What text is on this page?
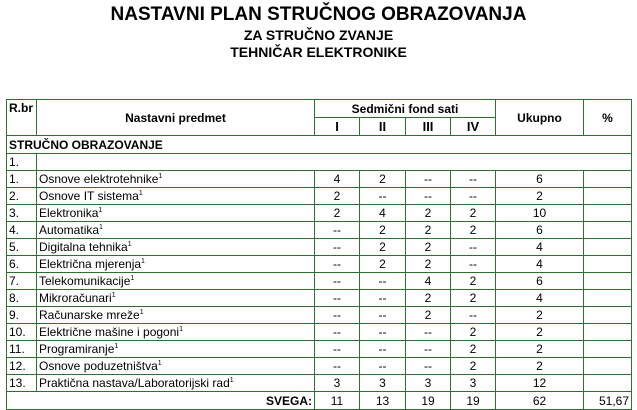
NASTAVNI PLAN STRUČNOG OBRAZOVANJA
ZA STRUČNO ZVANJE
TEHNIČAR ELEKTRONIKE
R.br	Nastavni predmet	Sedmični fond sati				Ukupno	%
		I	II	III	IV		
STRUČNO OBRAZOVANJE							
1.							
1.	Osnove elektrotehnike$^1$	4	2	--	--	6	
2.	Osnove IT sistema$^1$	2	--	--	--	2	
3.	Elektronika$^1$	2	4	2	2	10	
4.	Automatika$^1$	--	2	2	2	6	
5.	Digitalna tehnika$^1$	--	2	2	--	4	
6.	Električna mjerenja$^1$	--	2	2	--	4	
7.	Telekomunikacije$^1$	--	--	4	2	6	
8.	Mikroračunari$^1$	--	--	2	2	4	
9.	Računarske mreže$^1$	--	--	2	--	2	
10.	Električne mašine i pogoni$^1$	--	--	--	2	2	
11.	Programiranje$^1$	--	--	--	2	2	
12.	Osnove poduzetništva$^1$	--	--	--	2	2	
13.	Praktična nastava/Laboratorijski rad$^1$	3	3	3	3	12	
SVEGA:		11	13	19	19	62	51,67
